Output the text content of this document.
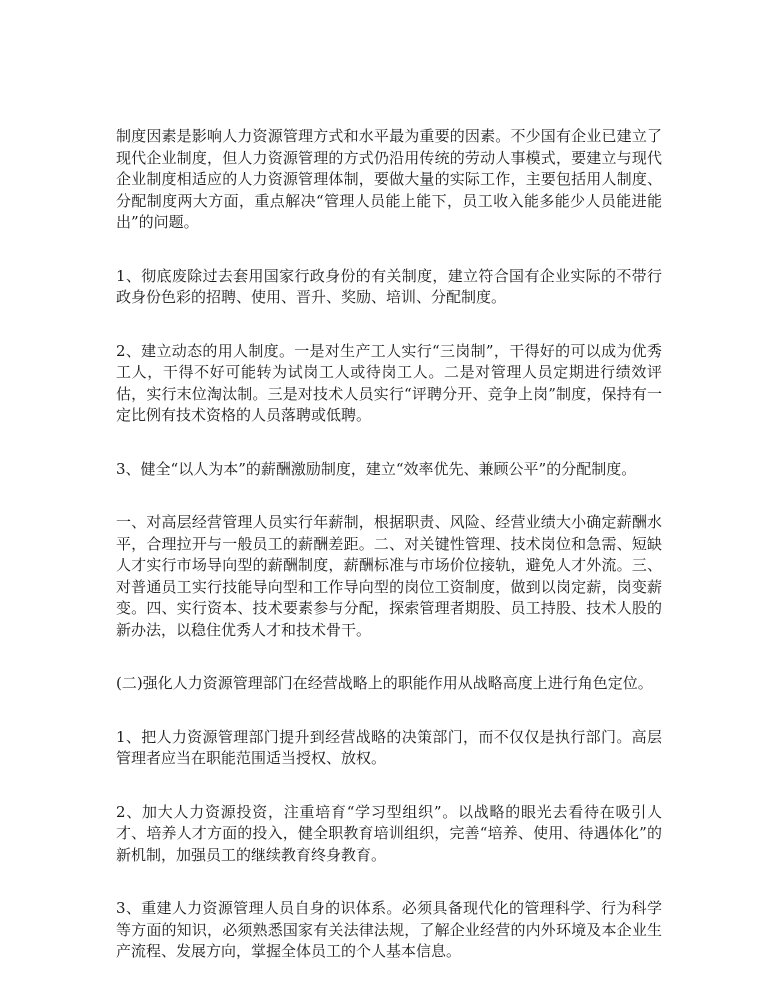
制度因素是影响人力资源管理方式和水平最为重要的因素。不少国有企业已建立了现代企业制度，但人力资源管理的方式仍沿用传统的劳动人事模式，要建立与现代企业制度相适应的人力资源管理体制，要做大量的实际工作，主要包括用人制度、分配制度两大方面，重点解决“管理人员能上能下，员工收入能多能少人员能进能出”的问题。

1、彻底废除过去套用国家行政身份的有关制度，建立符合国有企业实际的不带行政身份色彩的招聘、使用、晋升、奖励、培训、分配制度。

2、建立动态的用人制度。一是对生产工人实行“三岗制”，干得好的可以成为优秀工人，干得不好可能转为试岗工人或待岗工人。二是对管理人员定期进行绩效评估，实行末位淘汰制。三是对技术人员实行“评聘分开、竞争上岗”制度，保持有一定比例有技术资格的人员落聘或低聘。

3、健全“以人为本”的薪酬激励制度，建立“效率优先、兼顾公平”的分配制度。

一、对高层经营管理人员实行年薪制，根据职责、风险、经营业绩大小确定薪酬水平，合理拉开与一般员工的薪酬差距。二、对关键性管理、技术岗位和急需、短缺人才实行市场导向型的薪酬制度，薪酬标准与市场价位接轨，避免人才外流。三、对普通员工实行技能导向型和工作导向型的岗位工资制度，做到以岗定薪，岗变薪变。四、实行资本、技术要素参与分配，探索管理者期股、员工持股、技术人股的新办法，以稳住优秀人才和技术骨干。

(二)强化人力资源管理部门在经营战略上的职能作用从战略高度上进行角色定位。

1、把人力资源管理部门提升到经营战略的决策部门，而不仅仅是执行部门。高层管理者应当在职能范围适当授权、放权。

2、加大人力资源投资，注重培育“学习型组织”。以战略的眼光去看待在吸引人才、培养人才方面的投入，健全职教育培训组织，完善“培养、使用、待遇体化”的新机制，加强员工的继续教育终身教育。

3、重建人力资源管理人员自身的识体系。必须具备现代化的管理科学、行为科学等方面的知识，必须熟悉国家有关法律法规，了解企业经营的内外环境及本企业生产流程、发展方向，掌握全体员工的个人基本信息。
